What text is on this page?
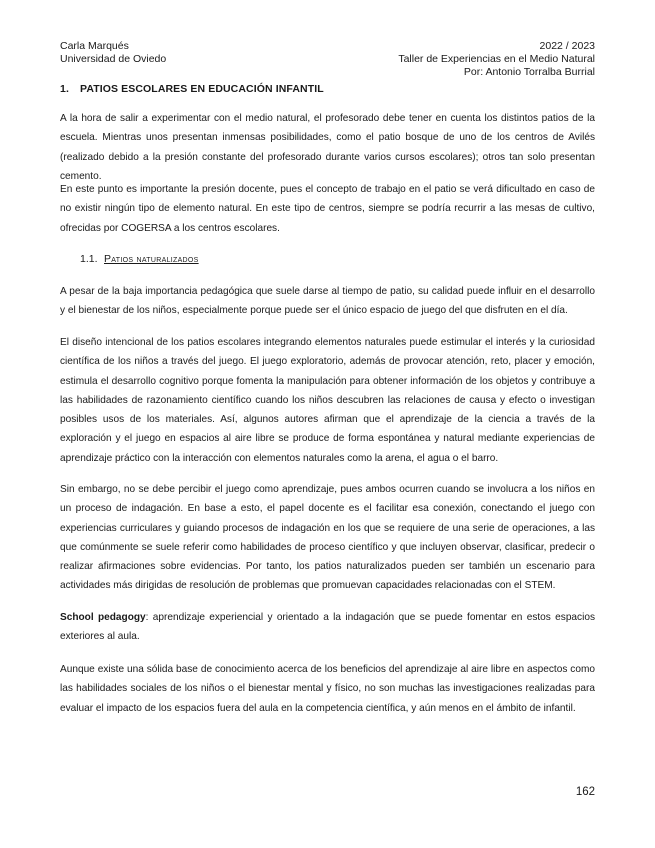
Carla Marqués
Universidad de Oviedo
2022 / 2023
Taller de Experiencias en el Medio Natural
Por: Antonio Torralba Burrial
1. PATIOS ESCOLARES EN EDUCACIÓN INFANTIL

A la hora de salir a experimentar con el medio natural, el profesorado debe tener en cuenta los distintos patios de la escuela. Mientras unos presentan inmensas posibilidades, como el patio bosque de uno de los centros de Avilés (realizado debido a la presión constante del profesorado durante varios cursos escolares); otros tan solo presentan cemento.

En este punto es importante la presión docente, pues el concepto de trabajo en el patio se verá dificultado en caso de no existir ningún tipo de elemento natural. En este tipo de centros, siempre se podría recurrir a las mesas de cultivo, ofrecidas por COGERSA a los centros escolares.

1.1. Patios naturalizados

A pesar de la baja importancia pedagógica que suele darse al tiempo de patio, su calidad puede influir en el desarrollo y el bienestar de los niños, especialmente porque puede ser el único espacio de juego del que disfruten en el día.

El diseño intencional de los patios escolares integrando elementos naturales puede estimular el interés y la curiosidad científica de los niños a través del juego. El juego exploratorio, además de provocar atención, reto, placer y emoción, estimula el desarrollo cognitivo porque fomenta la manipulación para obtener información de los objetos y contribuye a las habilidades de razonamiento científico cuando los niños descubren las relaciones de causa y efecto o investigan posibles usos de los materiales. Así, algunos autores afirman que el aprendizaje de la ciencia a través de la exploración y el juego en espacios al aire libre se produce de forma espontánea y natural mediante experiencias de aprendizaje práctico con la interacción con elementos naturales como la arena, el agua o el barro.

Sin embargo, no se debe percibir el juego como aprendizaje, pues ambos ocurren cuando se involucra a los niños en un proceso de indagación. En base a esto, el papel docente es el facilitar esa conexión, conectando el juego con experiencias curriculares y guiando procesos de indagación en los que se requiere de una serie de operaciones, a las que comúnmente se suele referir como habilidades de proceso científico y que incluyen observar, clasificar, predecir o realizar afirmaciones sobre evidencias. Por tanto, los patios naturalizados pueden ser también un escenario para actividades más dirigidas de resolución de problemas que promuevan capacidades relacionadas con el STEM.

School pedagogy: aprendizaje experiencial y orientado a la indagación que se puede fomentar en estos espacios exteriores al aula.

Aunque existe una sólida base de conocimiento acerca de los beneficios del aprendizaje al aire libre en aspectos como las habilidades sociales de los niños o el bienestar mental y físico, no son muchas las investigaciones realizadas para evaluar el impacto de los espacios fuera del aula en la competencia científica, y aún menos en el ámbito de infantil.

162
